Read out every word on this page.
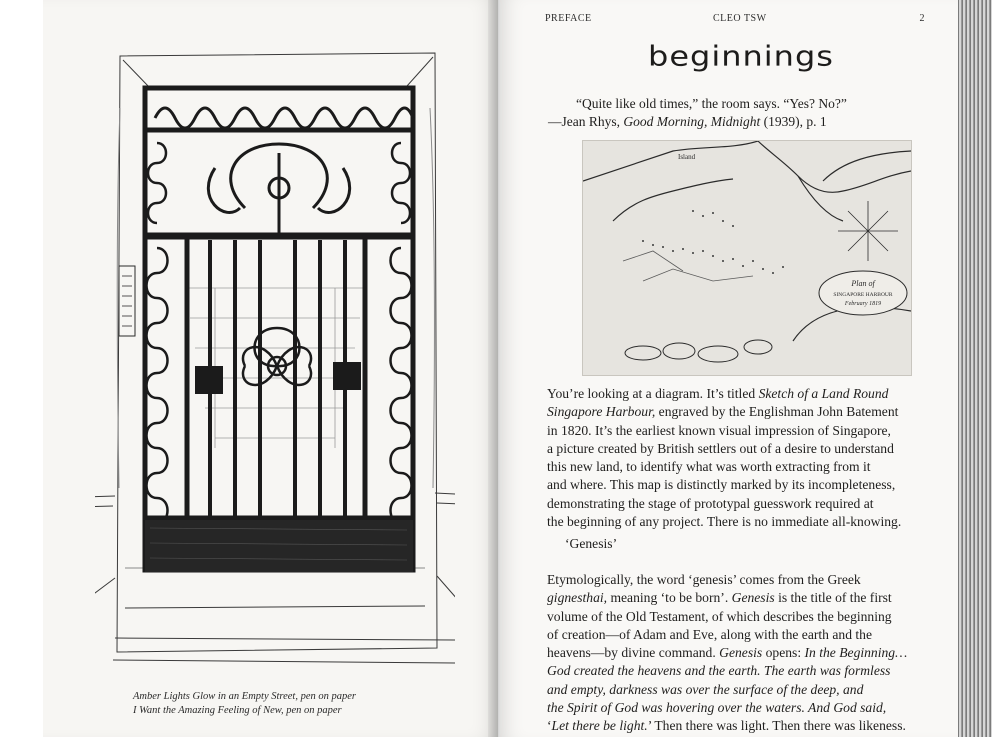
Amber Lights Glow in an Empty Street, pen on paper
I Want the Amazing Feeling of New, pen on paper
PREFACE	CLEO TSW	2
beginnings
“Quite like old times,” the room says. “Yes? No?”
—Jean Rhys, Good Morning, Midnight (1939), p. 1
Plan of
SINGAPORE HARBOUR
February 1819
Island
You’re looking at a diagram. It’s titled Sketch of a Land Round
Singapore Harbour, engraved by the Englishman John Batement
in 1820. It’s the earliest known visual impression of Singapore,
a picture created by British settlers out of a desire to understand
this new land, to identify what was worth extracting from it
and where. This map is distinctly marked by its incompleteness,
demonstrating the stage of prototypal guesswork required at
the beginning of any project. There is no immediate all-knowing.
‘Genesis’
Etymologically, the word ‘genesis’ comes from the Greek
gignesthai, meaning ‘to be born’. Genesis is the title of the first
volume of the Old Testament, of which describes the beginning
of creation—of Adam and Eve, along with the earth and the
heavens—by divine command. Genesis opens: In the Beginning…
God created the heavens and the earth. The earth was formless
and empty, darkness was over the surface of the deep, and
the Spirit of God was hovering over the waters. And God said,
‘Let there be light.’ Then there was light. Then there was likeness.
